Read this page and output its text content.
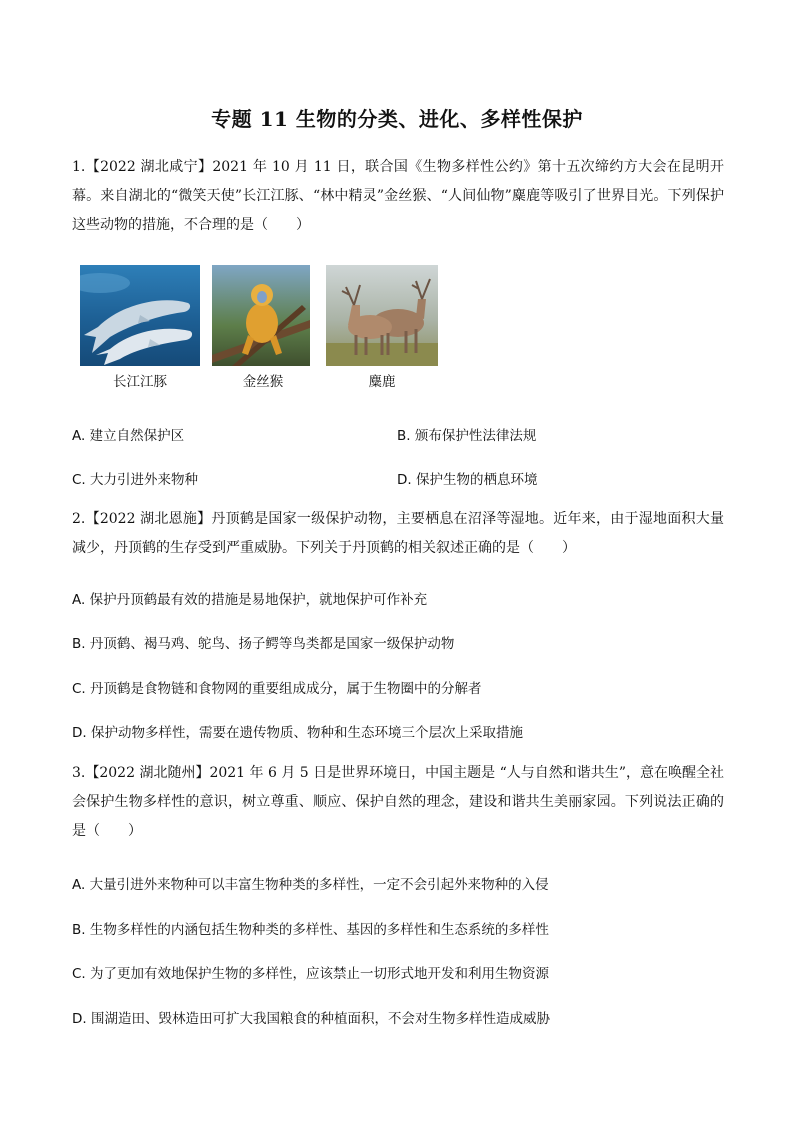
专题 11 生物的分类、进化、多样性保护
1.【2022 湖北咸宁】2021 年 10 月 11 日，联合国《生物多样性公约》第十五次缔约方大会在昆明开幕。来自湖北的“微笑天使”长江江豚、“林中精灵”金丝猴、“人间仙物”麋鹿等吸引了世界目光。下列保护这些动物的措施，不合理的是（　　）
长江江豚	金丝猴	麋鹿
A. 建立自然保护区	B. 颁布保护性法律法规
C. 大力引进外来物种	D. 保护生物的栖息环境
2.【2022 湖北恩施】丹顶鹤是国家一级保护动物，主要栖息在沼泽等湿地。近年来，由于湿地面积大量减少，丹顶鹤的生存受到严重威胁。下列关于丹顶鹤的相关叙述正确的是（　　）
A. 保护丹顶鹤最有效的措施是易地保护，就地保护可作补充
B. 丹顶鹤、褐马鸡、鸵鸟、扬子鳄等鸟类都是国家一级保护动物
C. 丹顶鹤是食物链和食物网的重要组成成分，属于生物圈中的分解者
D. 保护动物多样性，需要在遗传物质、物种和生态环境三个层次上采取措施
3.【2022 湖北随州】2021 年 6 月 5 日是世界环境日，中国主题是 “人与自然和谐共生”，意在唤醒全社会保护生物多样性的意识，树立尊重、顺应、保护自然的理念，建设和谐共生美丽家园。下列说法正确的是（　　）
A. 大量引进外来物种可以丰富生物种类的多样性，一定不会引起外来物种的入侵
B. 生物多样性的内涵包括生物种类的多样性、基因的多样性和生态系统的多样性
C. 为了更加有效地保护生物的多样性，应该禁止一切形式地开发和利用生物资源
D. 围湖造田、毁林造田可扩大我国粮食的种植面积，不会对生物多样性造成威胁
